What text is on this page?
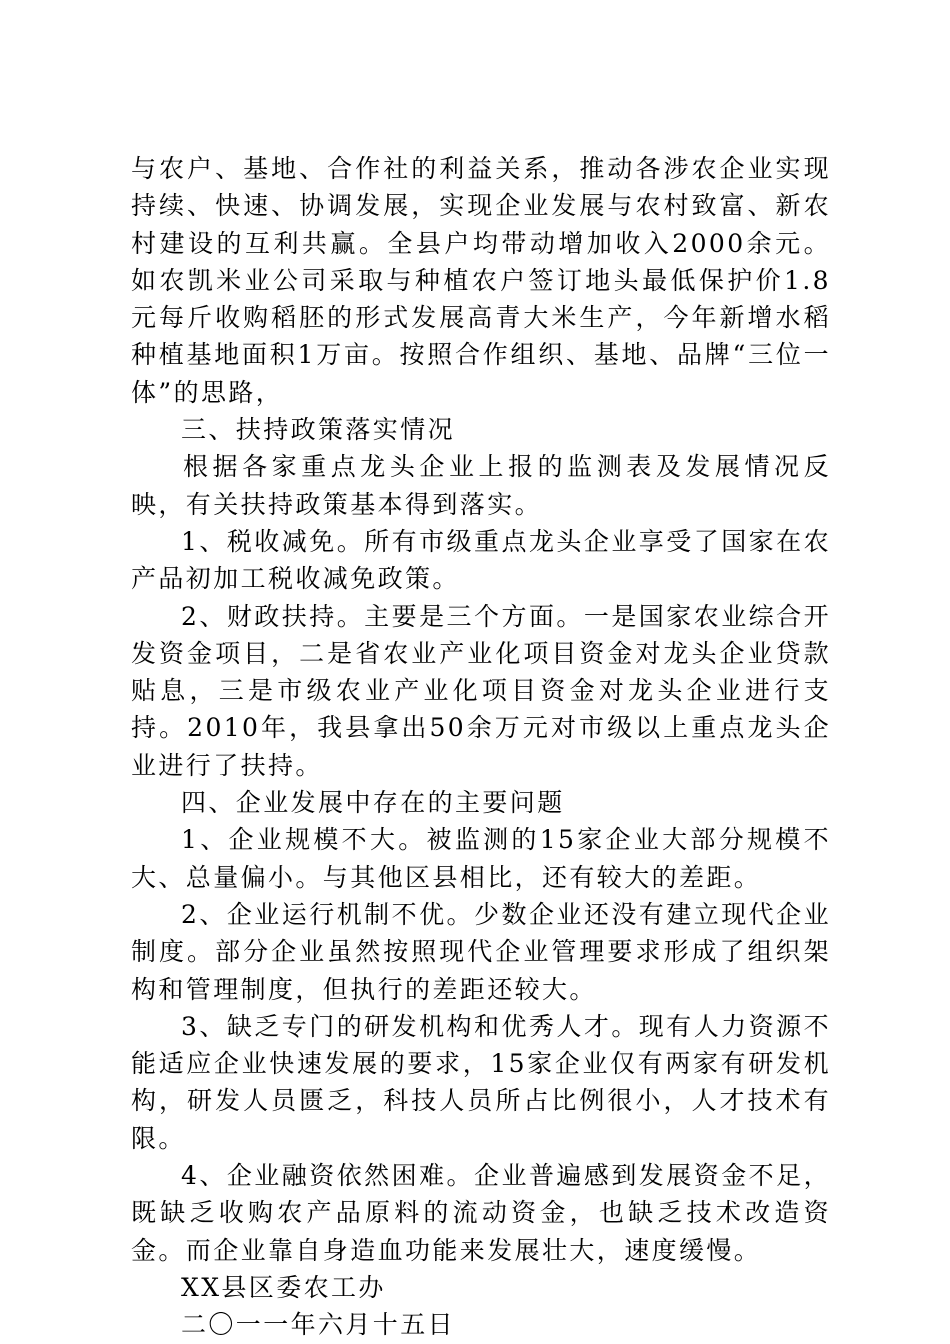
与农户、基地、合作社的利益关系，推动各涉农企业实现持续、快速、协调发展，实现企业发展与农村致富、新农村建设的互利共赢。全县户均带动增加收入2000余元。如农凯米业公司采取与种植农户签订地头最低保护价1.8元每斤收购稻胚的形式发展高青大米生产，今年新增水稻种植基地面积1万亩。按照合作组织、基地、品牌“三位一体”的思路，

三、扶持政策落实情况

根据各家重点龙头企业上报的监测表及发展情况反映，有关扶持政策基本得到落实。

1、税收减免。所有市级重点龙头企业享受了国家在农产品初加工税收减免政策。

2、财政扶持。主要是三个方面。一是国家农业综合开发资金项目，二是省农业产业化项目资金对龙头企业贷款贴息，三是市级农业产业化项目资金对龙头企业进行支持。2010年，我县拿出50余万元对市级以上重点龙头企业进行了扶持。

四、企业发展中存在的主要问题

1、企业规模不大。被监测的15家企业大部分规模不大、总量偏小。与其他区县相比，还有较大的差距。

2、企业运行机制不优。少数企业还没有建立现代企业制度。部分企业虽然按照现代企业管理要求形成了组织架构和管理制度，但执行的差距还较大。

3、缺乏专门的研发机构和优秀人才。现有人力资源不能适应企业快速发展的要求，15家企业仅有两家有研发机构，研发人员匮乏，科技人员所占比例很小，人才技术有限。

4、企业融资依然困难。企业普遍感到发展资金不足，既缺乏收购农产品原料的流动资金，也缺乏技术改造资金。而企业靠自身造血功能来发展壮大，速度缓慢。

XX县区委农工办

二〇一一年六月十五日
